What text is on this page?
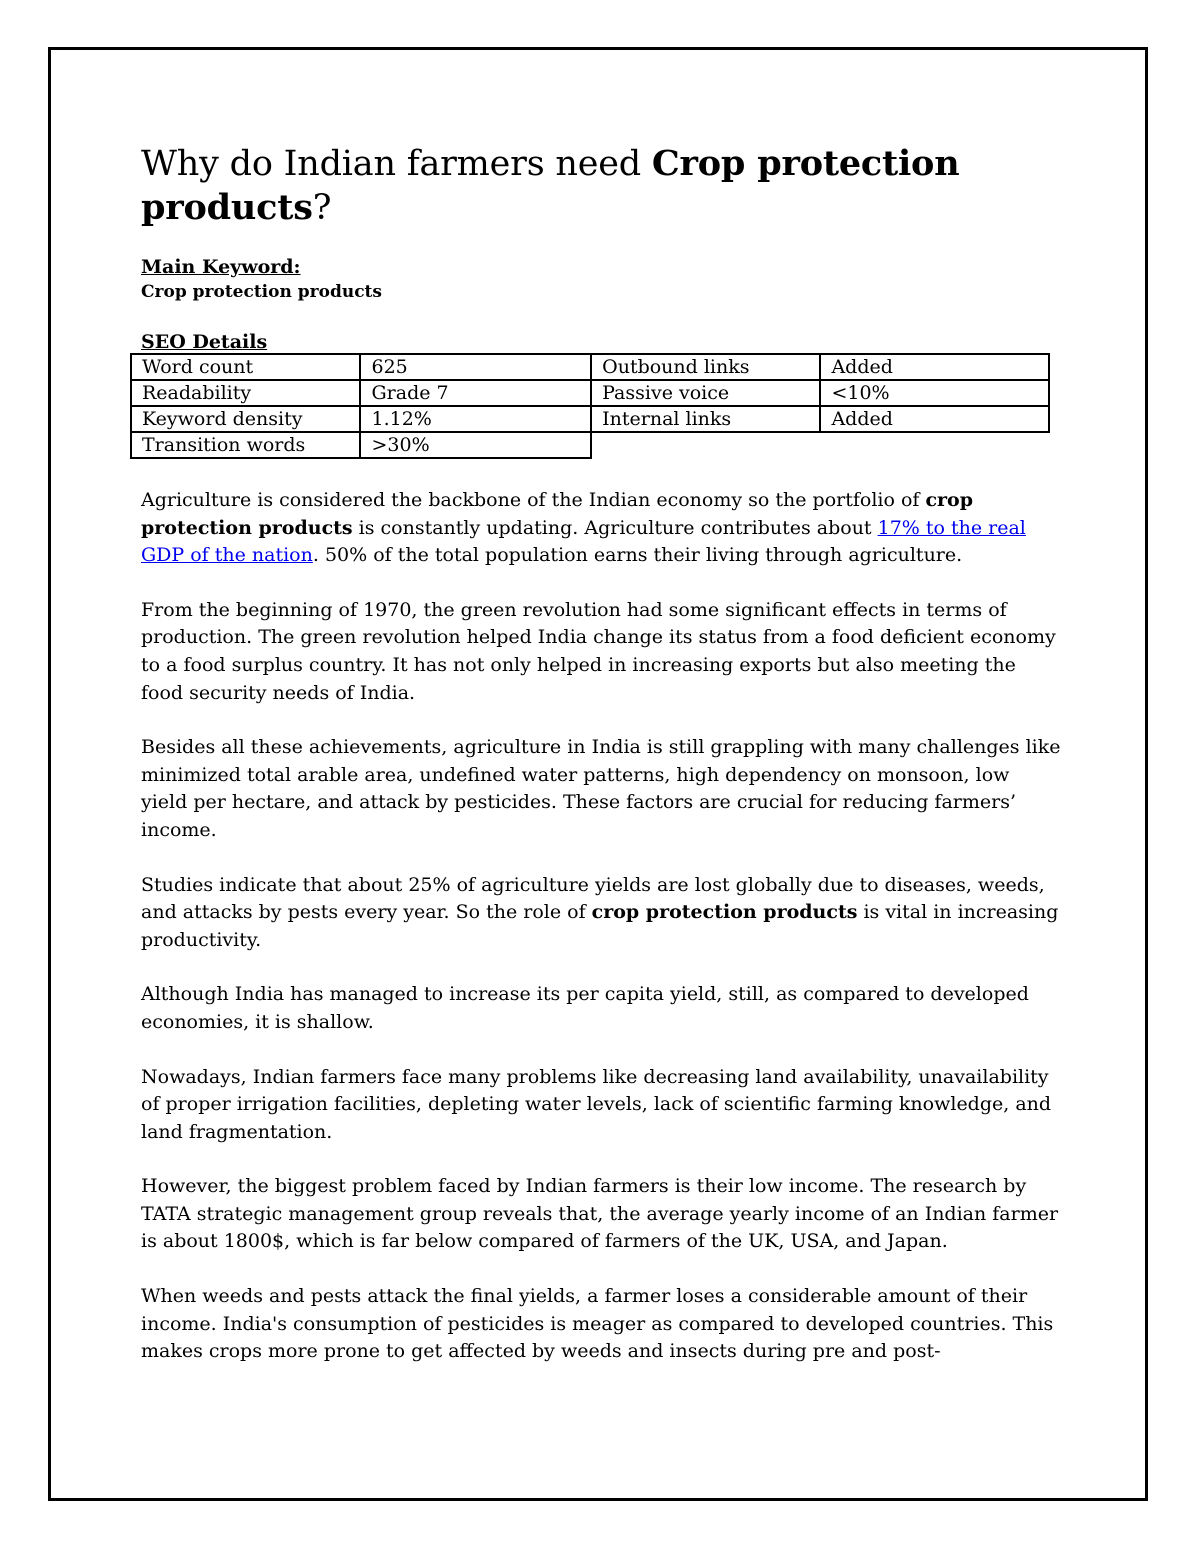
Why do Indian farmers need Crop protection products?
Main Keyword:
Crop protection products
SEO Details
Word count	625	Outbound links	Added
Readability	Grade 7	Passive voice	<10%
Keyword density	1.12%	Internal links	Added
Transition words	>30%		

Agriculture is considered the backbone of the Indian economy so the portfolio of crop protection products is constantly updating. Agriculture contributes about 17% to the real GDP of the nation. 50% of the total population earns their living through agriculture.

From the beginning of 1970, the green revolution had some significant effects in terms of production. The green revolution helped India change its status from a food deficient economy to a food surplus country. It has not only helped in increasing exports but also meeting the food security needs of India.

Besides all these achievements, agriculture in India is still grappling with many challenges like minimized total arable area, undefined water patterns, high dependency on monsoon, low yield per hectare, and attack by pesticides. These factors are crucial for reducing farmers’ income.

Studies indicate that about 25% of agriculture yields are lost globally due to diseases, weeds, and attacks by pests every year. So the role of crop protection products is vital in increasing productivity.

Although India has managed to increase its per capita yield, still, as compared to developed economies, it is shallow.

Nowadays, Indian farmers face many problems like decreasing land availability, unavailability of proper irrigation facilities, depleting water levels, lack of scientific farming knowledge, and land fragmentation.

However, the biggest problem faced by Indian farmers is their low income. The research by TATA strategic management group reveals that, the average yearly income of an Indian farmer is about 1800$, which is far below compared of farmers of the UK, USA, and Japan.

When weeds and pests attack the final yields, a farmer loses a considerable amount of their income. India's consumption of pesticides is meager as compared to developed countries. This makes crops more prone to get affected by weeds and insects during pre and post-
